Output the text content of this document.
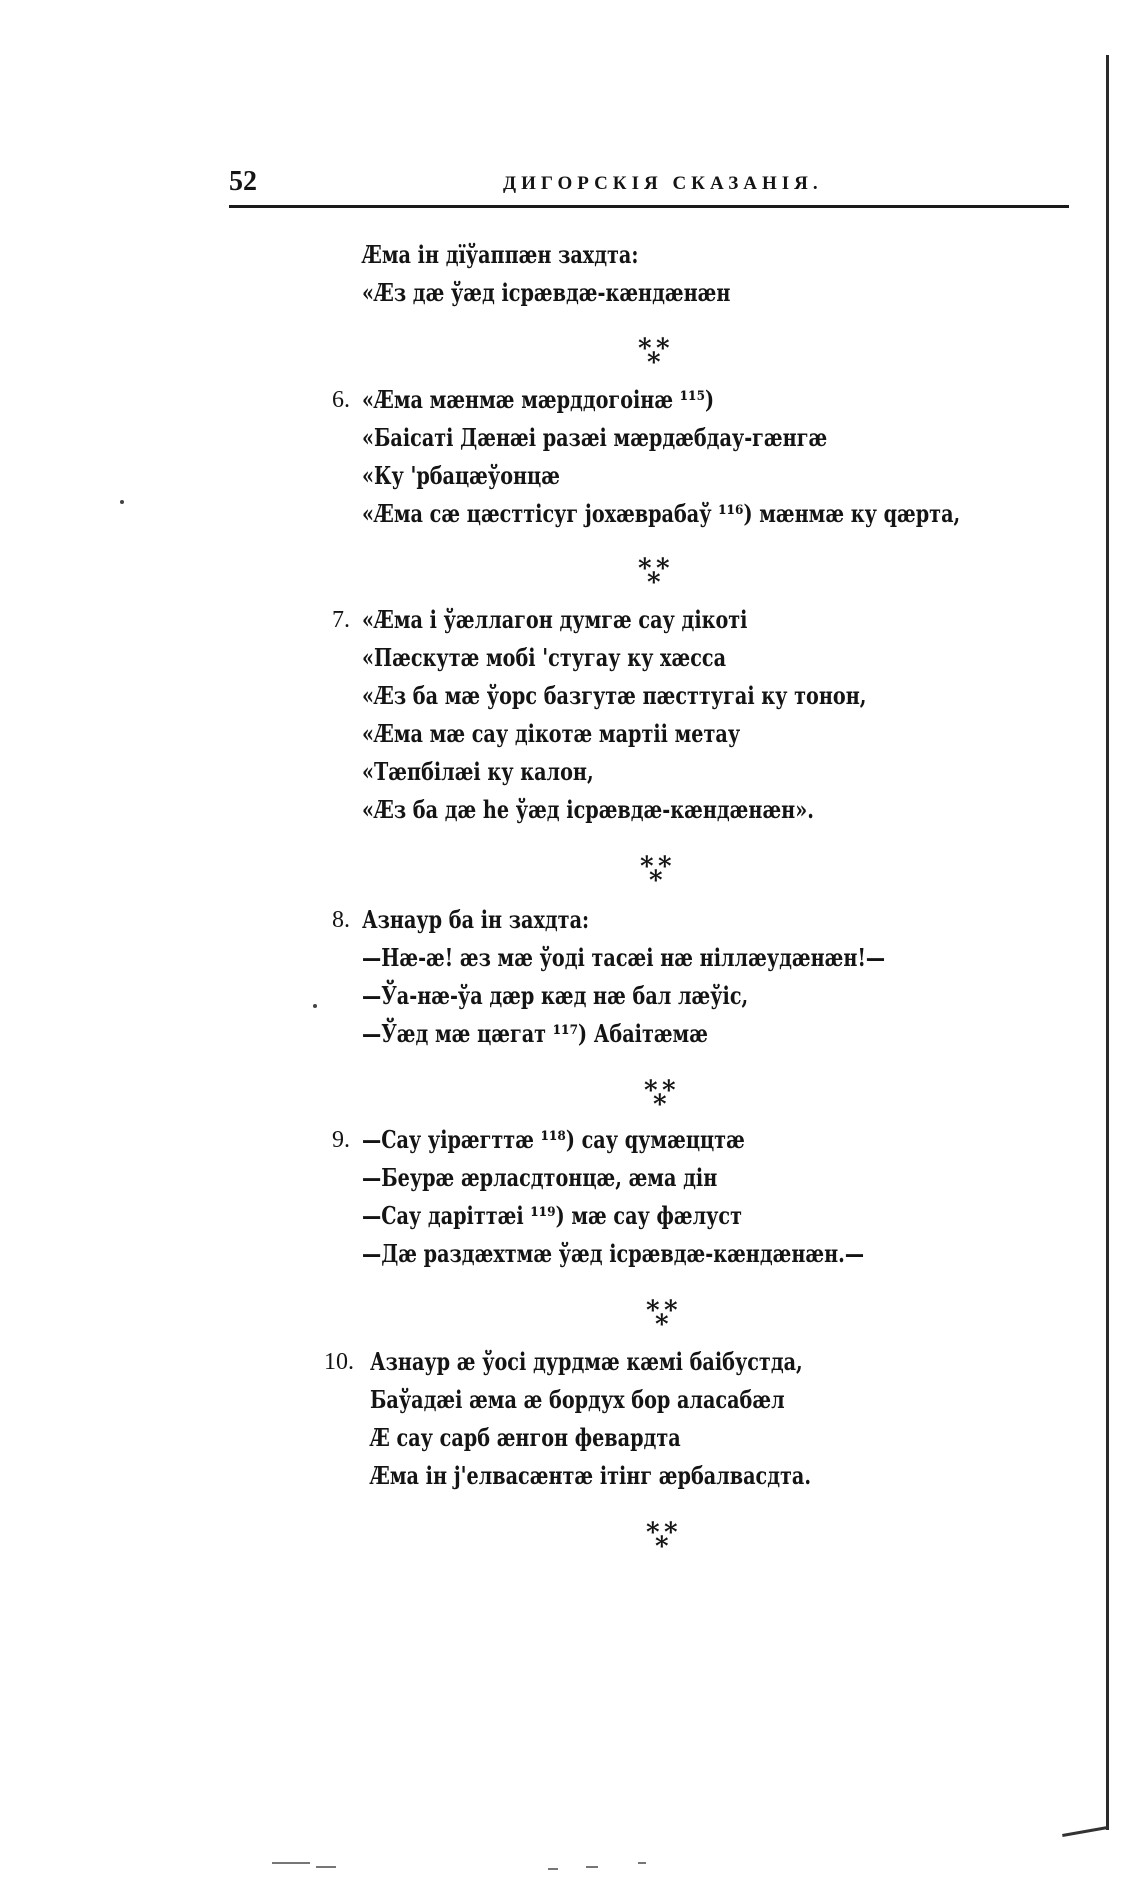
52	ДИГОРСКІЯ СКАЗАНІЯ.
Æма ін дїўаппæн захдта:
«Æз дæ ўæд ісрæвдæ-кæндæнæн
* *
*
6. «Æма мæнмæ мæрддогоінæ ¹¹⁵)
«Баісаті Дæнæі разæі мæрдæбдау-гæнгæ
«Ку 'рбацæўонцæ
«Æма сæ цæсттісуг јохæврабаў ¹¹⁶) мæнмæ ку qæрта,
* *
*
7. «Æма і ўæллагон думгæ сау дікоті
«Пæскутæ мобі 'стугау ку хæсса
«Æз ба мæ ўорс базгутæ пæсттугаі ку тонон,
«Æма мæ сау дікотæ мартіі метау
«Тæпбілæі ку калон,
«Æз ба дæ hе ўæд ісрæвдæ-кæндæнæн».
* *
*
8. Азнаур ба ін захдта:
—Нæ-æ! æз мæ ўоді тасæі нæ ніллæудæнæн!—
—Ўа-нæ-ўа дæр кæд нæ бал лæўіс,
—Ўæд мæ цæгат ¹¹⁷) Абаітæмæ
* *
*
9. —Сау уірæгттæ ¹¹⁸) сау qумæццтæ
—Беурæ æрласдтонцæ, æма дін
—Сау даріттæі ¹¹⁹) мæ сау фæлуст
—Дæ раздæхтмæ ўæд ісрæвдæ-кæндæнæн.—
* *
*
10. Азнаур æ ўосі дурдмæ кæмі баібустда,
Баўадæі æма æ бордух бор аласабæл
Æ сау сарб æнгон февардта
Æма ін ј'елвасæнтæ ітінг æрбалвасдта.
* *
*
